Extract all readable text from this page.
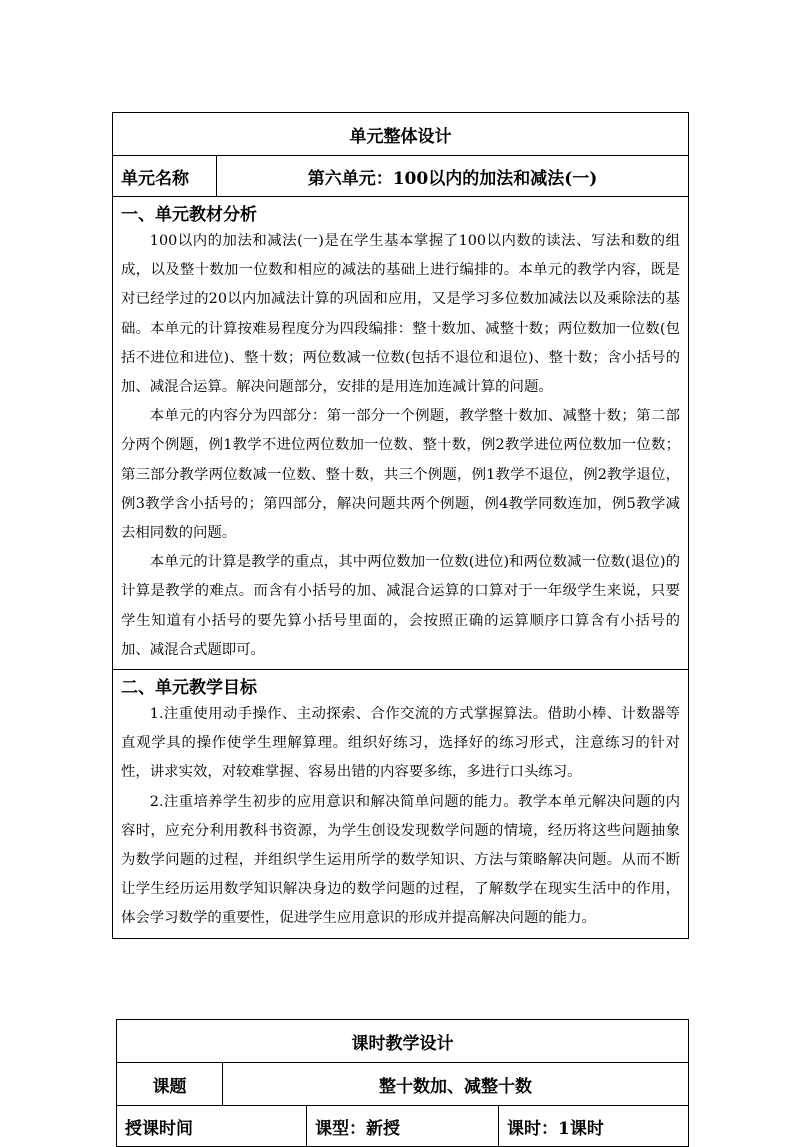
单元整体设计
单元名称	第六单元：100以内的加法和减法(一)

一、单元教材分析

100以内的加法和减法(一)是在学生基本掌握了100以内数的读法、写法和数的组成，以及整十数加一位数和相应的减法的基础上进行编排的。本单元的教学内容，既是对已经学过的20以内加减法计算的巩固和应用，又是学习多位数加减法以及乘除法的基础。本单元的计算按难易程度分为四段编排：整十数加、减整十数；两位数加一位数(包括不进位和进位)、整十数；两位数减一位数(包括不退位和退位)、整十数；含小括号的加、减混合运算。解决问题部分，安排的是用连加连减计算的问题。

本单元的内容分为四部分：第一部分一个例题，教学整十数加、减整十数；第二部分两个例题，例1教学不进位两位数加一位数、整十数，例2教学进位两位数加一位数；第三部分教学两位数减一位数、整十数，共三个例题，例1教学不退位，例2教学退位，例3教学含小括号的；第四部分，解决问题共两个例题，例4教学同数连加，例5教学减去相同数的问题。

本单元的计算是教学的重点，其中两位数加一位数(进位)和两位数减一位数(退位)的计算是教学的难点。而含有小括号的加、减混合运算的口算对于一年级学生来说，只要学生知道有小括号的要先算小括号里面的，会按照正确的运算顺序口算含有小括号的加、减混合式题即可。

二、单元教学目标

1.注重使用动手操作、主动探索、合作交流的方式掌握算法。借助小棒、计数器等直观学具的操作使学生理解算理。组织好练习，选择好的练习形式，注意练习的针对性，讲求实效，对较难掌握、容易出错的内容要多练，多进行口头练习。

2.注重培养学生初步的应用意识和解决简单问题的能力。教学本单元解决问题的内容时，应充分利用教科书资源，为学生创设发现数学问题的情境，经历将这些问题抽象为数学问题的过程，并组织学生运用所学的数学知识、方法与策略解决问题。从而不断让学生经历运用数学知识解决身边的数学问题的过程，了解数学在现实生活中的作用，体会学习数学的重要性，促进学生应用意识的形成并提高解决问题的能力。

课时教学设计			
课题	整十数加、减整十数		
授课时间		课型：新授	课时：1课时
